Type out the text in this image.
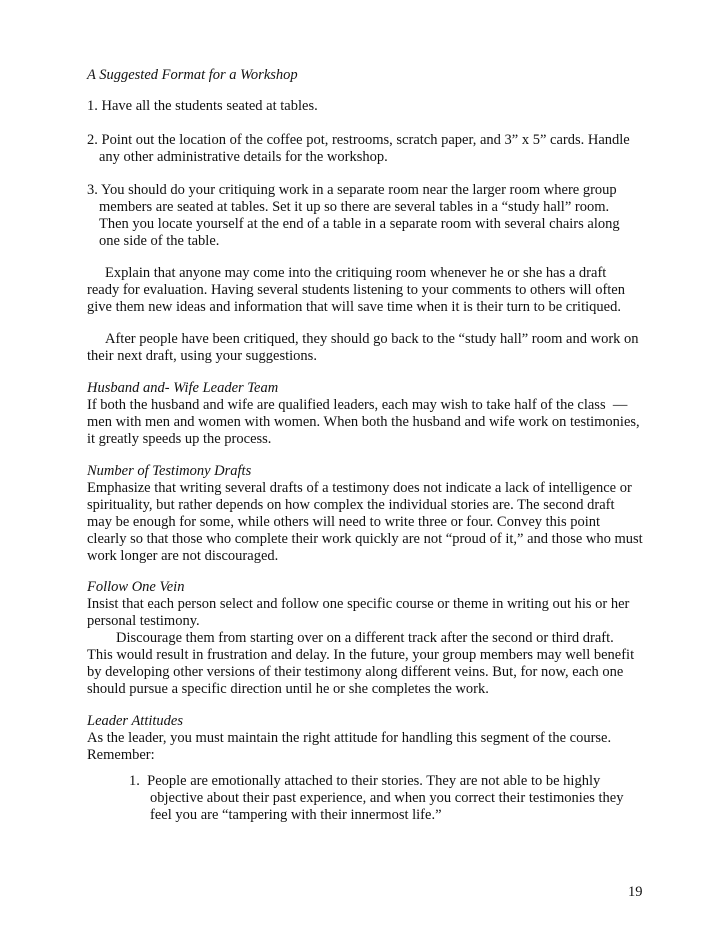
A Suggested Format for a Workshop
1. Have all the students seated at tables.
2. Point out the location of the coffee pot, restrooms, scratch paper, and 3” x 5” cards. Handle
any other administrative details for the workshop.
3. You should do your critiquing work in a separate room near the larger room where group
members are seated at tables. Set it up so there are several tables in a “study hall” room.
Then you locate yourself at the end of a table in a separate room with several chairs along
one side of the table.
Explain that anyone may come into the critiquing room whenever he or she has a draft
ready for evaluation. Having several students listening to your comments to others will often
give them new ideas and information that will save time when it is their turn to be critiqued.
After people have been critiqued, they should go back to the “study hall” room and work on
their next draft, using your suggestions.
Husband and- Wife Leader Team
If both the husband and wife are qualified leaders, each may wish to take half of the class  —
men with men and women with women. When both the husband and wife work on testimonies,
it greatly speeds up the process.
Number of Testimony Drafts
Emphasize that writing several drafts of a testimony does not indicate a lack of intelligence or
spirituality, but rather depends on how complex the individual stories are. The second draft
may be enough for some, while others will need to write three or four. Convey this point
clearly so that those who complete their work quickly are not “proud of it,” and those who must
work longer are not discouraged.
Follow One Vein
Insist that each person select and follow one specific course or theme in writing out his or her
personal testimony.
Discourage them from starting over on a different track after the second or third draft.
This would result in frustration and delay. In the future, your group members may well benefit
by developing other versions of their testimony along different veins. But, for now, each one
should pursue a specific direction until he or she completes the work.
Leader Attitudes
As the leader, you must maintain the right attitude for handling this segment of the course.
Remember:
1.  People are emotionally attached to their stories. They are not able to be highly
objective about their past experience, and when you correct their testimonies they
feel you are “tampering with their innermost life.”
19
